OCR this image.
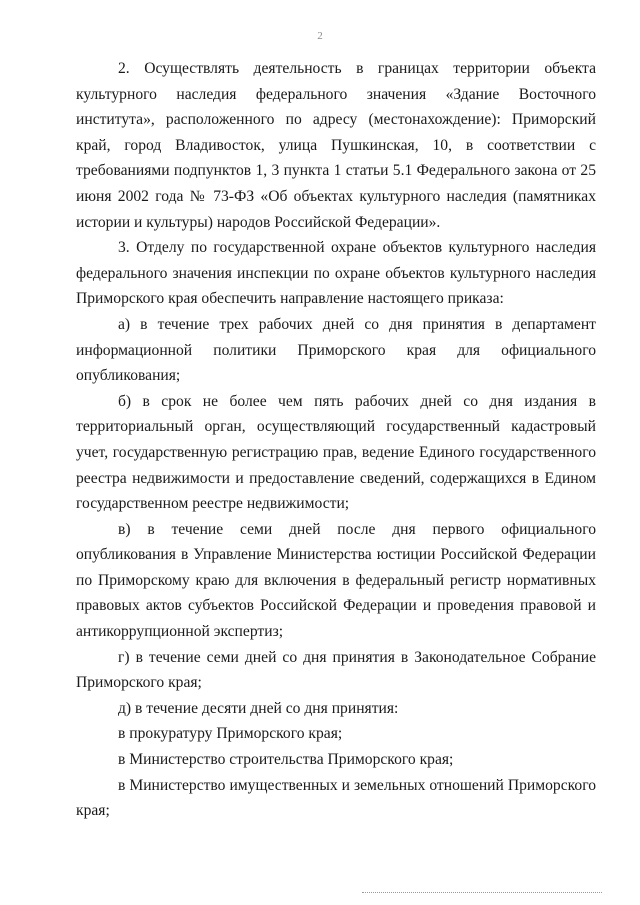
2

2. Осуществлять деятельность в границах территории объекта культурного наследия федерального значения «Здание Восточного института», расположенного по адресу (местонахождение): Приморский край, город Владивосток, улица Пушкинская, 10, в соответствии с требованиями подпунктов 1, 3 пункта 1 статьи 5.1 Федерального закона от 25 июня 2002 года № 73-ФЗ «Об объектах культурного наследия (памятниках истории и культуры) народов Российской Федерации».

3. Отделу по государственной охране объектов культурного наследия федерального значения инспекции по охране объектов культурного наследия Приморского края обеспечить направление настоящего приказа:

а) в течение трех рабочих дней со дня принятия в департамент информационной политики Приморского края для официального опубликования;

б) в срок не более чем пять рабочих дней со дня издания в территориальный орган, осуществляющий государственный кадастровый учет, государственную регистрацию прав, ведение Единого государственного реестра недвижимости и предоставление сведений, содержащихся в Едином государственном реестре недвижимости;

в) в течение семи дней после дня первого официального опубликования в Управление Министерства юстиции Российской Федерации по Приморскому краю для включения в федеральный регистр нормативных правовых актов субъектов Российской Федерации и проведения правовой и антикоррупционной экспертиз;

г) в течение семи дней со дня принятия в Законодательное Собрание Приморского края;

д) в течение десяти дней со дня принятия:

в прокуратуру Приморского края;

в Министерство строительства Приморского края;

в Министерство имущественных и земельных отношений Приморского края;
